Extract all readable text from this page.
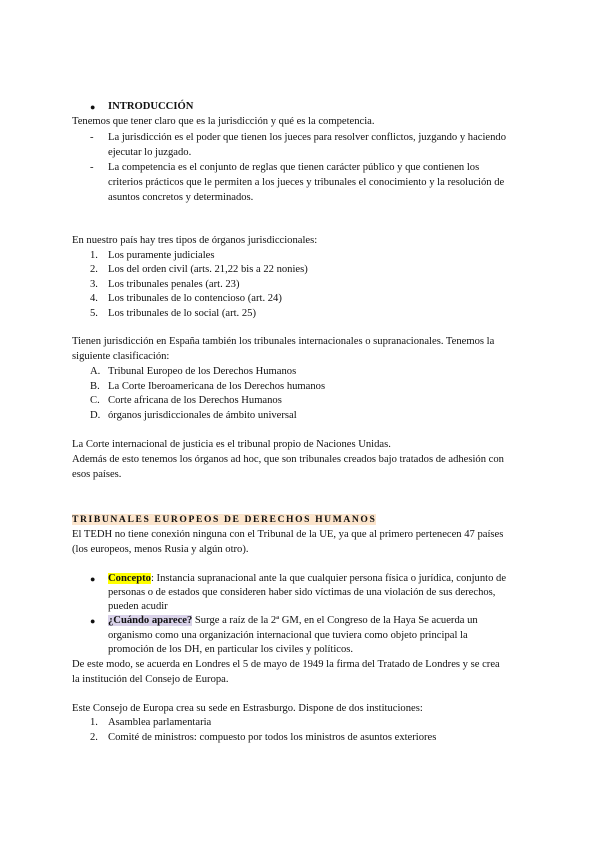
● INTRODUCCIÓN
Tenemos que tener claro que es la jurisdicción y qué es la competencia.
- La jurisdicción es el poder que tienen los jueces para resolver conflictos, juzgando y haciendo
ejecutar lo juzgado.
- La competencia es el conjunto de reglas que tienen carácter público y que contienen los
criterios prácticos que le permiten a los jueces y tribunales el conocimiento y la resolución de
asuntos concretos y determinados.
En nuestro país hay tres tipos de órganos jurisdiccionales:
1. Los puramente judiciales
2. Los del orden civil (arts. 21,22 bis a 22 nonies)
3. Los tribunales penales (art. 23)
4. Los tribunales de lo contencioso (art. 24)
5. Los tribunales de lo social (art. 25)
Tienen jurisdicción en España también los tribunales internacionales o supranacionales. Tenemos la
siguiente clasificación:
A. Tribunal Europeo de los Derechos Humanos
B. La Corte Iberoamericana de los Derechos humanos
C. Corte africana de los Derechos Humanos
D. órganos jurisdiccionales de ámbito universal
La Corte internacional de justicia es el tribunal propio de Naciones Unidas.
Además de esto tenemos los órganos ad hoc, que son tribunales creados bajo tratados de adhesión con
esos países.
TRIBUNALES EUROPEOS DE DERECHOS HUMANOS
El TEDH no tiene conexión ninguna con el Tribunal de la UE, ya que al primero pertenecen 47 países
(los europeos, menos Rusia y algún otro).
● Concepto: Instancia supranacional ante la que cualquier persona física o jurídica, conjunto de
personas o de estados que consideren haber sido víctimas de una violación de sus derechos,
pueden acudir
● ¿Cuándo aparece? Surge a raíz de la 2ª GM, en el Congreso de la Haya Se acuerda un
organismo como una organización internacional que tuviera como objeto principal la
promoción de los DH, en particular los civiles y políticos.
De este modo, se acuerda en Londres el 5 de mayo de 1949 la firma del Tratado de Londres y se crea
la institución del Consejo de Europa.
Este Consejo de Europa crea su sede en Estrasburgo. Dispone de dos instituciones:
1. Asamblea parlamentaria
2. Comité de ministros: compuesto por todos los ministros de asuntos exteriores
